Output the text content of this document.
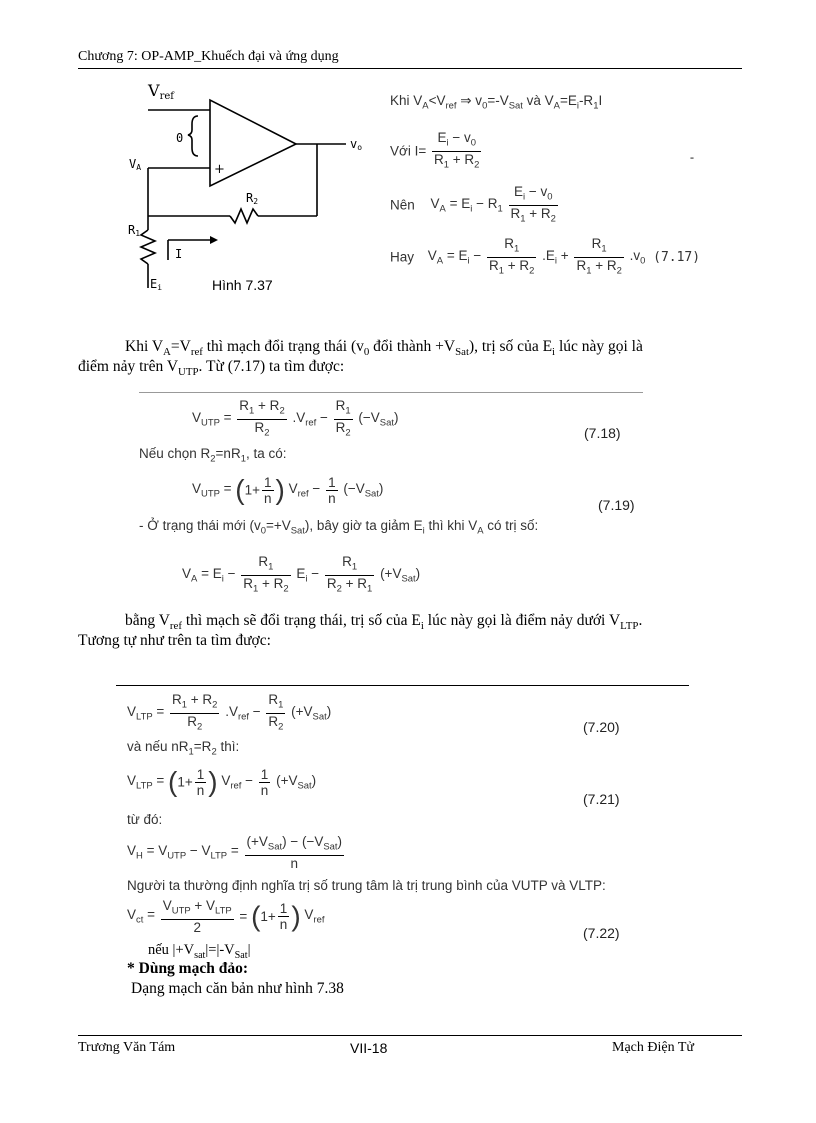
Chương 7: OP-AMP_Khuếch đại và ứng dụng
Vref
0
+
VA
vo
R2
R1
I
Ei	Hình 7.37
Khi $V_A<V_{ref}$ ⇒ $v_0=-V_{Sat}$ và $V_A=E_i-R_1I$
Với $I= \frac{E_i - v_0}{R_1 + R_2}$	-
Nên $V_A = E_i - R_1 \frac{E_i - v_0}{R_1 + R_2}$
Hay $V_A = E_i - \frac{R_1}{R_1 + R_2} .E_i + \frac{R_1}{R_1 + R_2} .v_0$ (7.17)
Khi $V_A=V_{ref}$ thì mạch đổi trạng thái ($v_0$ đổi thành $+V_{Sat}$), trị số của $E_i$ lúc này gọi là
điểm nảy trên $V_{UTP}$. Từ (7.17) ta tìm được:
$V_{UTP} = \frac{R_1 + R_2}{R_2} .V_{ref} - \frac{R_1}{R_2} (-V_{Sat})$
(7.18)
Nếu chọn $R_2=nR_1$, ta có:
$V_{UTP} = (1+ \frac{1}{n}$ ) $V_{ref} - \frac{1}{n} (-V_{Sat})$
(7.19)
- Ở trạng thái mới $(v_0=+V_{Sat})$, bây giờ ta giảm $E_i$ thì khi $V_A$ có trị số:
$V_A = E_i - \frac{R_1}{R_1 + R_2} E_i - \frac{R_1}{R_2 + R_1} (+V_{Sat})$
bằng $V_{ref}$ thì mạch sẽ đổi trạng thái, trị số của $E_i$ lúc này gọi là điểm nảy dưới $V_{LTP}$.
Tương tự như trên ta tìm được:
$V_{LTP} = \frac{R_1 + R_2}{R_2} .V_{ref} - \frac{R_1}{R_2} (+V_{Sat})$
(7.20)
và nếu $nR_1=R_2$ thì:
$V_{LTP} = (1+ \frac{1}{n}$ ) $V_{ref} - \frac{1}{n} (+V_{Sat})$
(7.21)
từ đó:
$V_H = V_{UTP} - V_{LTP} = \frac{(+V_{Sat}) - (-V_{Sat})}{n}$
Người ta thường định nghĩa trị số trung tâm là trị trung bình của VUTP và VLTP:
$V_{ct} = \frac{V_{UTP} + V_{LTP}}{2} = (1+ \frac{1}{n}$ ) $V_{ref}$
(7.22)
nếu $|+V_{sat}|=|-V_{Sat}|$
* Dùng mạch đảo:
Dạng mạch căn bản như hình 7.38
Trương Văn Tám	VII-18	Mạch Điện Tử
